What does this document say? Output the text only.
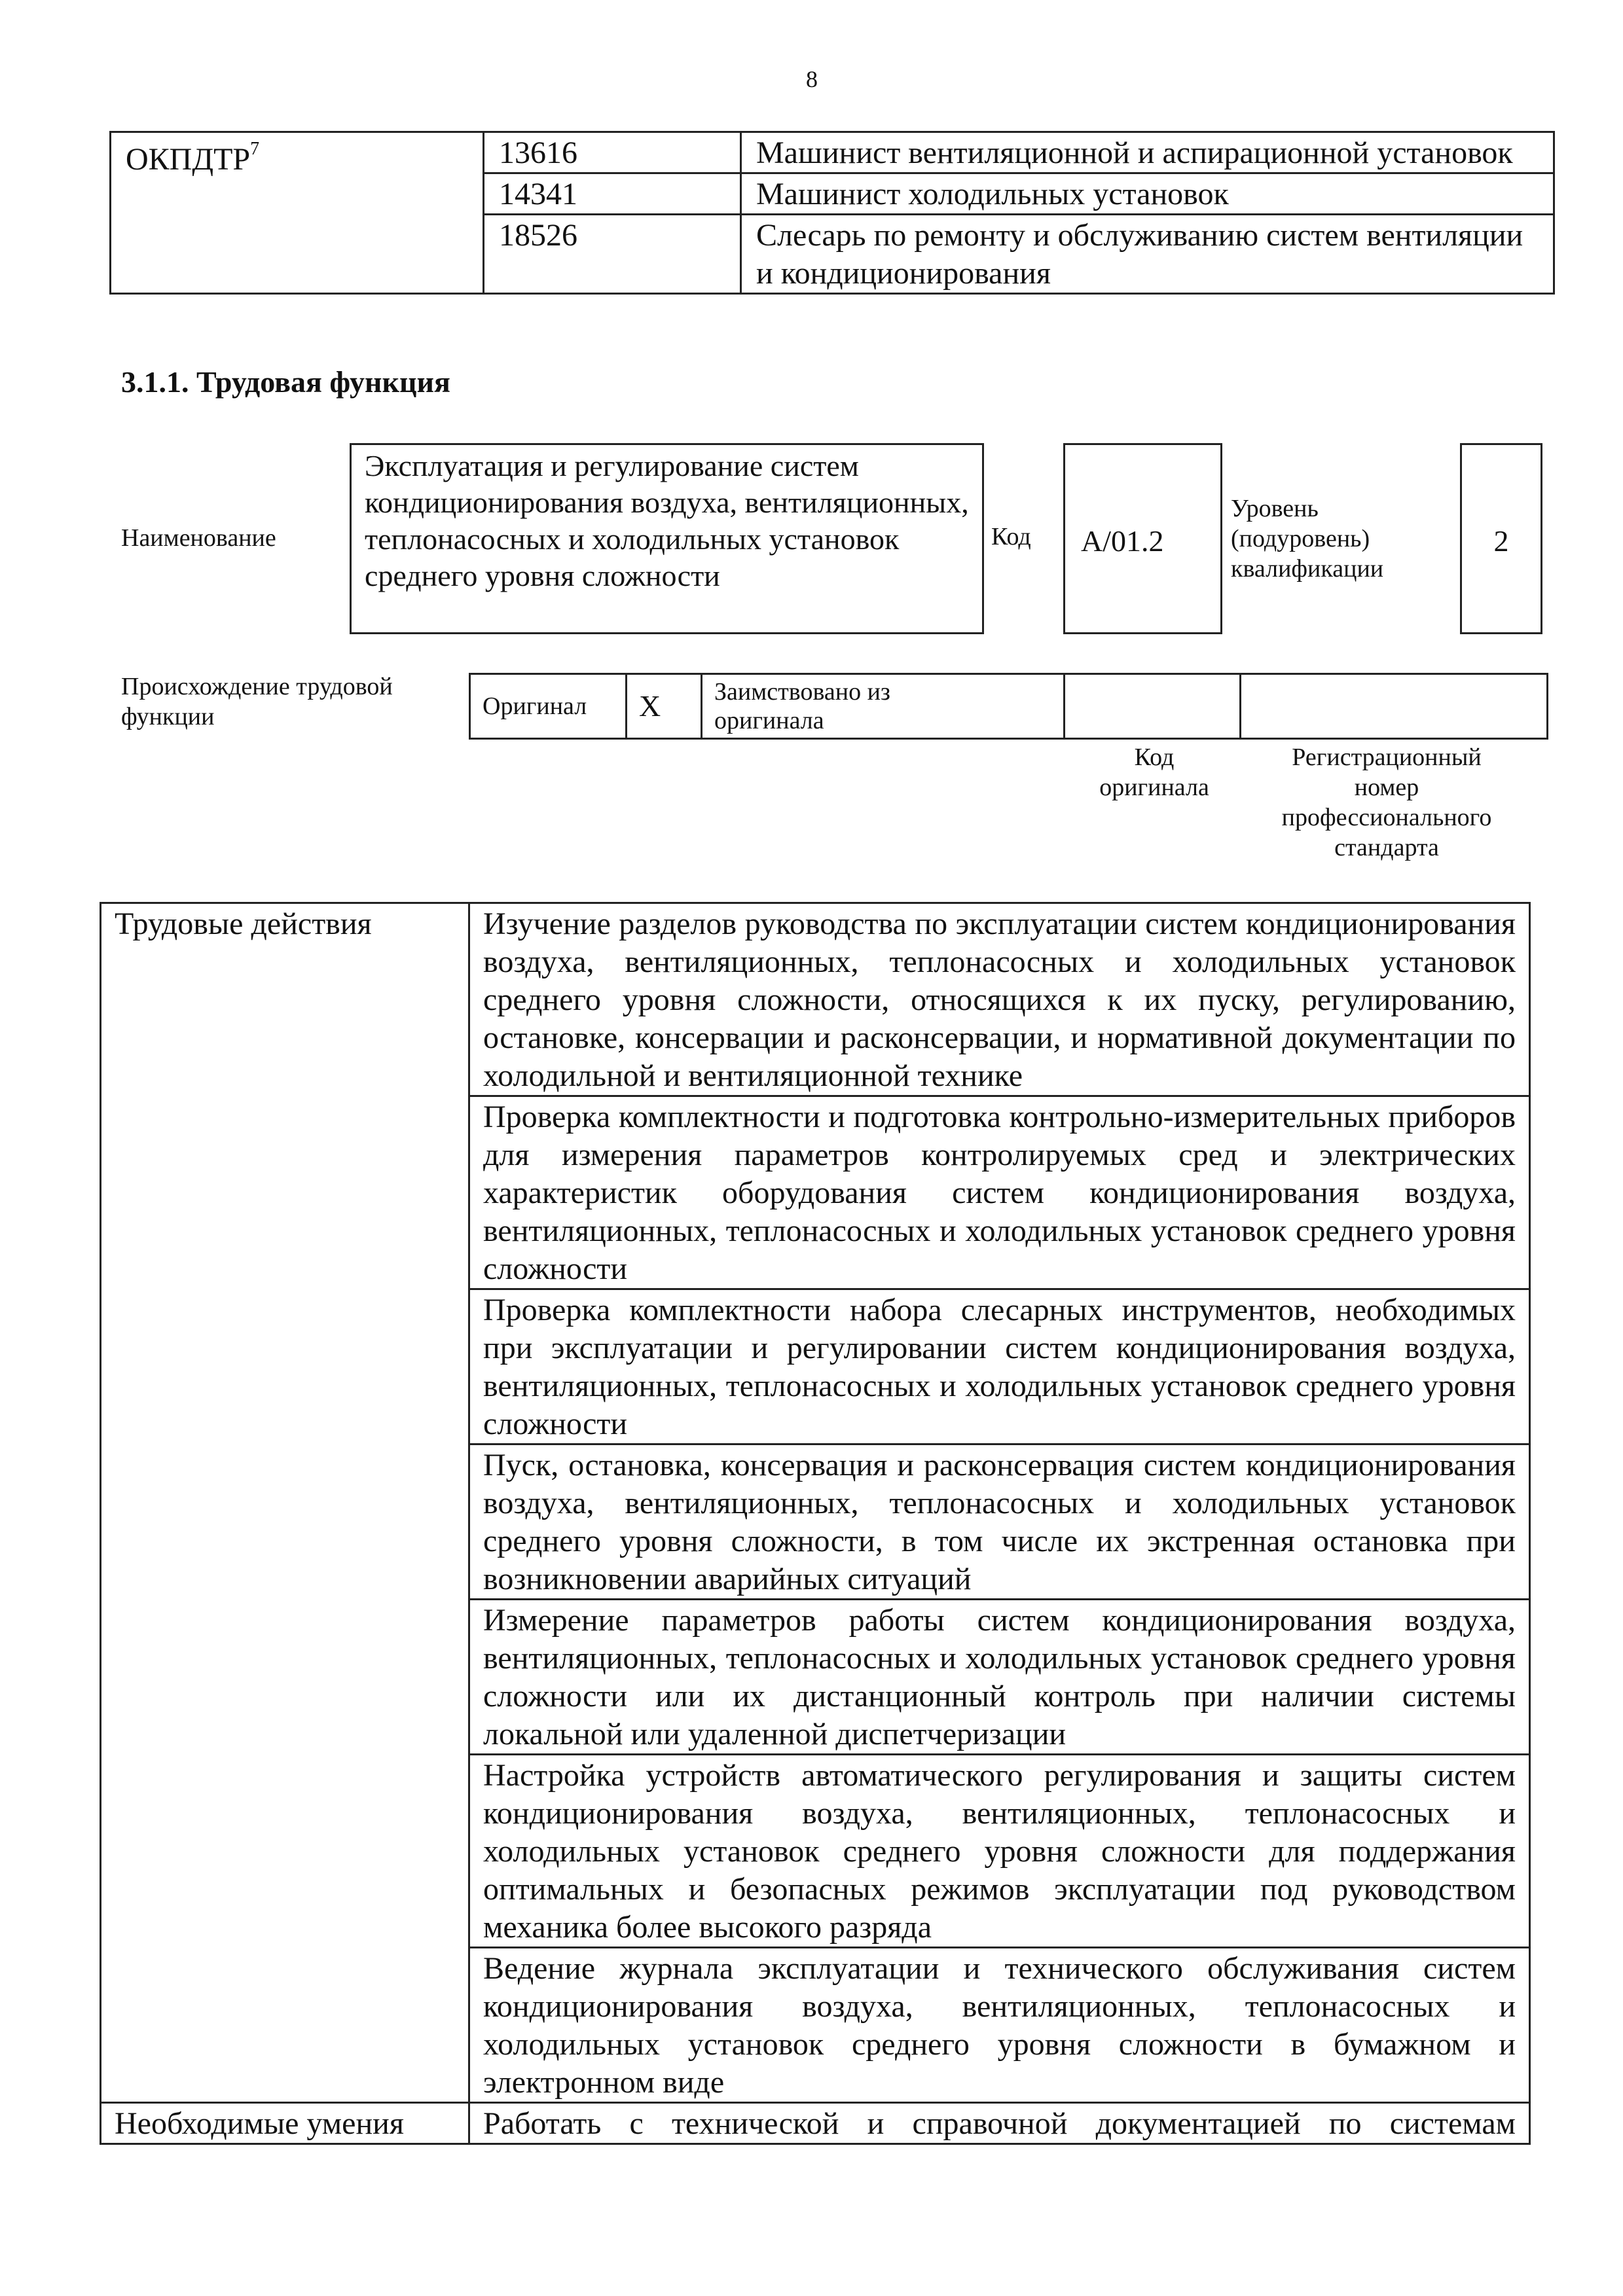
8
ОКПДТР$^7$	13616	Машинист вентиляционной и аспирационной установок
	14341	Машинист холодильных установок
	18526	Слесарь по ремонту и обслуживанию систем вентиляции и кондиционирования
3.1.1. Трудовая функция
Наименование
Эксплуатация и регулирование систем кондиционирования воздуха, вентиляционных, теплонасосных и холодильных установок среднего уровня сложности
Код	A/01.2
Уровень
(подуровень)
квалификации
2
Происхождение трудовой
функции	Оригинал	X	Заимствовано из
оригинала

Код
оригинала
Регистрационный
номер
профессионального
стандарта
Трудовые действия	Изучение разделов руководства по эксплуатации систем кондиционирования воздуха, вентиляционных, теплонасосных и холодильных установок среднего уровня сложности, относящихся к их пуску, регулированию, остановке, консервации и расконсервации, и нормативной документации по холодильной и вентиляционной технике
	Проверка комплектности и подготовка контрольно-измерительных приборов для измерения параметров контролируемых сред и электрических характеристик оборудования систем кондиционирования воздуха, вентиляционных, теплонасосных и холодильных установок среднего уровня сложности
	Проверка комплектности набора слесарных инструментов, необходимых при эксплуатации и регулировании систем кондиционирования воздуха, вентиляционных, теплонасосных и холодильных установок среднего уровня сложности
	Пуск, остановка, консервация и расконсервация систем кондиционирования воздуха, вентиляционных, теплонасосных и холодильных установок среднего уровня сложности, в том числе их экстренная остановка при возникновении аварийных ситуаций
	Измерение параметров работы систем кондиционирования воздуха, вентиляционных, теплонасосных и холодильных установок среднего уровня сложности или их дистанционный контроль при наличии системы локальной или удаленной диспетчеризации
	Настройка устройств автоматического регулирования и защиты систем кондиционирования воздуха, вентиляционных, теплонасосных и холодильных установок среднего уровня сложности для поддержания оптимальных и безопасных режимов эксплуатации под руководством механика более высокого разряда
	Ведение журнала эксплуатации и технического обслуживания систем кондиционирования воздуха, вентиляционных, теплонасосных и холодильных установок среднего уровня сложности в бумажном и электронном виде
Необходимые умения	Работать с технической и справочной документацией по системам
